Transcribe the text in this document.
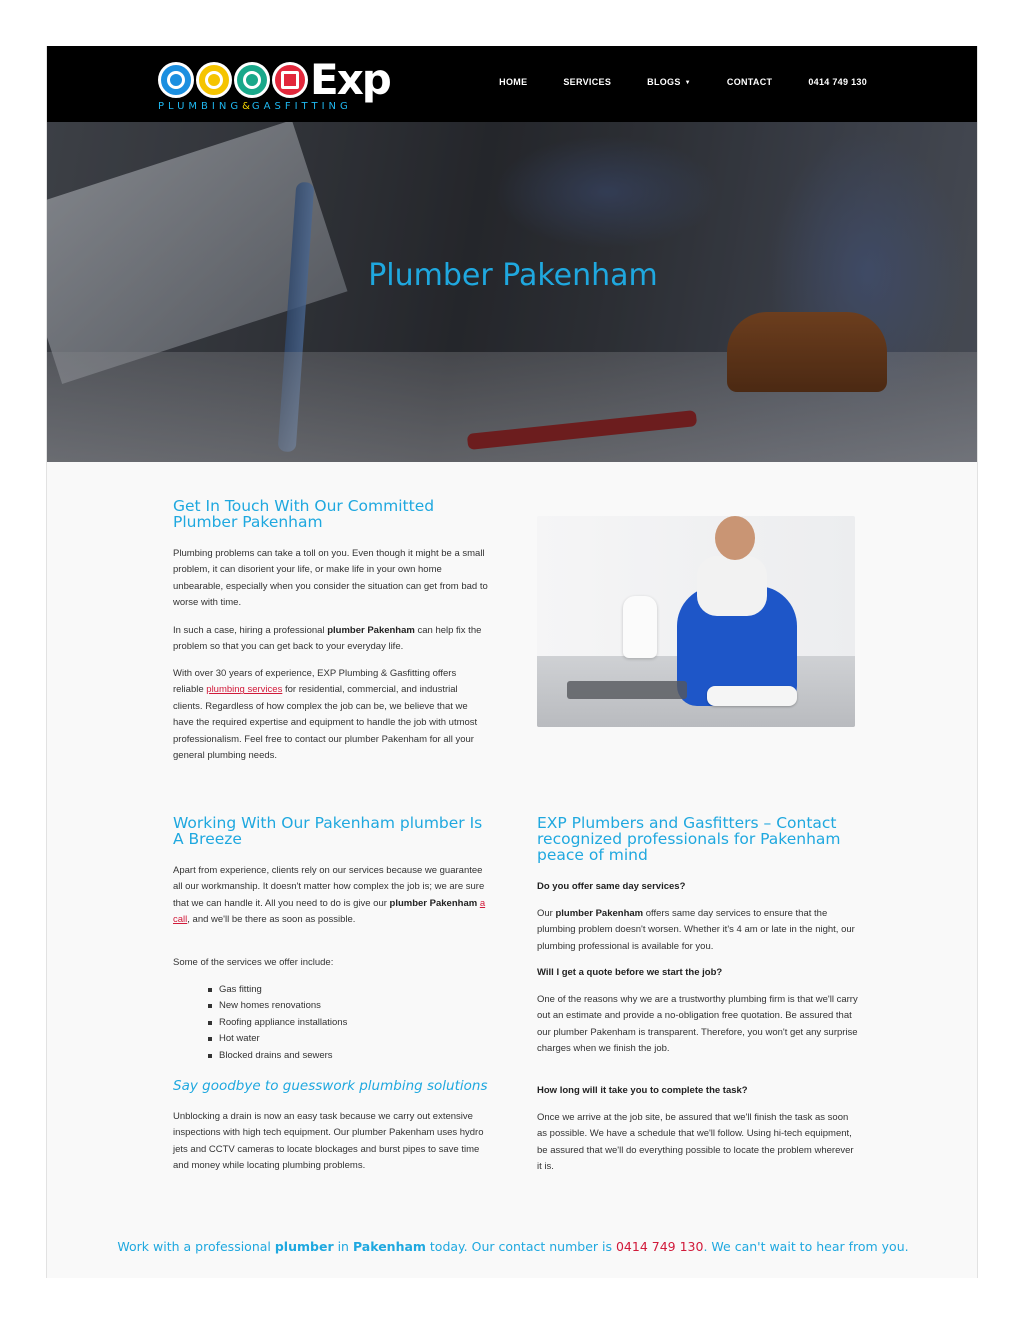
Exp
PLUMBING&GASFITTING
HOME	SERVICES	BLOGS ▼	CONTACT	0414 749 130
Plumber Pakenham
Get In Touch With Our Committed Plumber Pakenham
Plumbing problems can take a toll on you. Even though it might be a small problem, it can disorient your life, or make life in your own home unbearable, especially when you consider the situation can get from bad to worse with time.
In such a case, hiring a professional plumber Pakenham can help fix the problem so that you can get back to your everyday life.
With over 30 years of experience, EXP Plumbing & Gasfitting offers reliable plumbing services for residential, commercial, and industrial clients. Regardless of how complex the job can be, we believe that we have the required expertise and equipment to handle the job with utmost professionalism. Feel free to contact our plumber Pakenham for all your general plumbing needs.
Working With Our Pakenham plumber Is A Breeze
Apart from experience, clients rely on our services because we guarantee all our workmanship. It doesn't matter how complex the job is; we are sure that we can handle it. All you need to do is give our plumber Pakenham a call, and we'll be there as soon as possible.
Some of the services we offer include:
Gas fitting
New homes renovations
Roofing appliance installations
Hot water
Blocked drains and sewers
Say goodbye to guesswork plumbing solutions
Unblocking a drain is now an easy task because we carry out extensive inspections with high tech equipment. Our plumber Pakenham uses hydro jets and CCTV cameras to locate blockages and burst pipes to save time and money while locating plumbing problems.
EXP Plumbers and Gasfitters – Contact recognized professionals for Pakenham peace of mind
Do you offer same day services?
Our plumber Pakenham offers same day services to ensure that the plumbing problem doesn't worsen. Whether it's 4 am or late in the night, our plumbing professional is available for you.
Will I get a quote before we start the job?
One of the reasons why we are a trustworthy plumbing firm is that we'll carry out an estimate and provide a no-obligation free quotation. Be assured that our plumber Pakenham is transparent. Therefore, you won't get any surprise charges when we finish the job.
How long will it take you to complete the task?
Once we arrive at the job site, be assured that we'll finish the task as soon as possible. We have a schedule that we'll follow. Using hi-tech equipment, be assured that we'll do everything possible to locate the problem wherever it is.
Work with a professional plumber in Pakenham today. Our contact number is 0414 749 130. We can't wait to hear from you.
